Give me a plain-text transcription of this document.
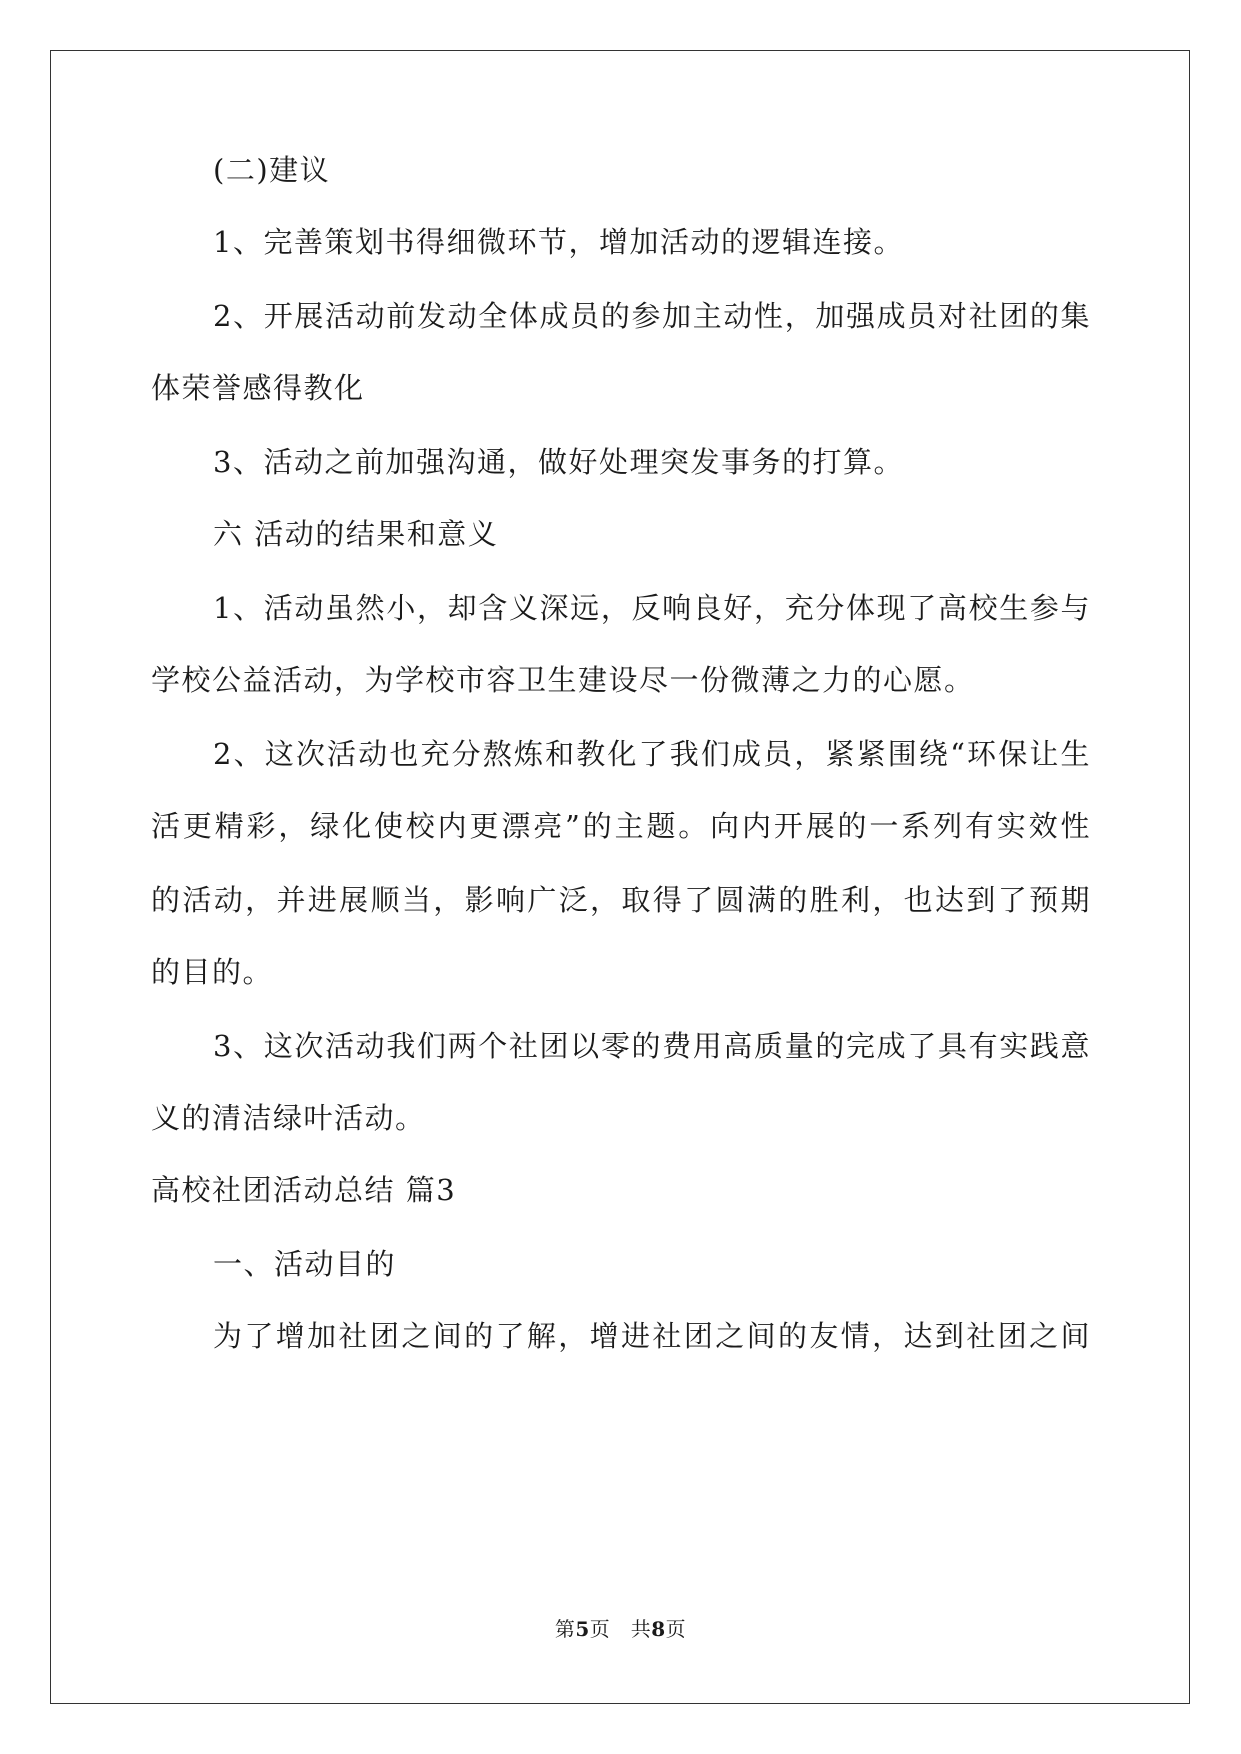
(二)建议
1、完善策划书得细微环节，增加活动的逻辑连接。
2、开展活动前发动全体成员的参加主动性，加强成员对社团的集
体荣誉感得教化
3、活动之前加强沟通，做好处理突发事务的打算。
六 活动的结果和意义
1、活动虽然小，却含义深远，反响良好，充分体现了高校生参与
学校公益活动，为学校市容卫生建设尽一份微薄之力的心愿。
2、这次活动也充分熬炼和教化了我们成员，紧紧围绕“环保让生
活更精彩，绿化使校内更漂亮”的主题。向内开展的一系列有实效性
的活动，并进展顺当，影响广泛，取得了圆满的胜利，也达到了预期
的目的。
3、这次活动我们两个社团以零的费用高质量的完成了具有实践意
义的清洁绿叶活动。
高校社团活动总结 篇3
一、活动目的
为了增加社团之间的了解，增进社团之间的友情，达到社团之间
第5页　共8页
